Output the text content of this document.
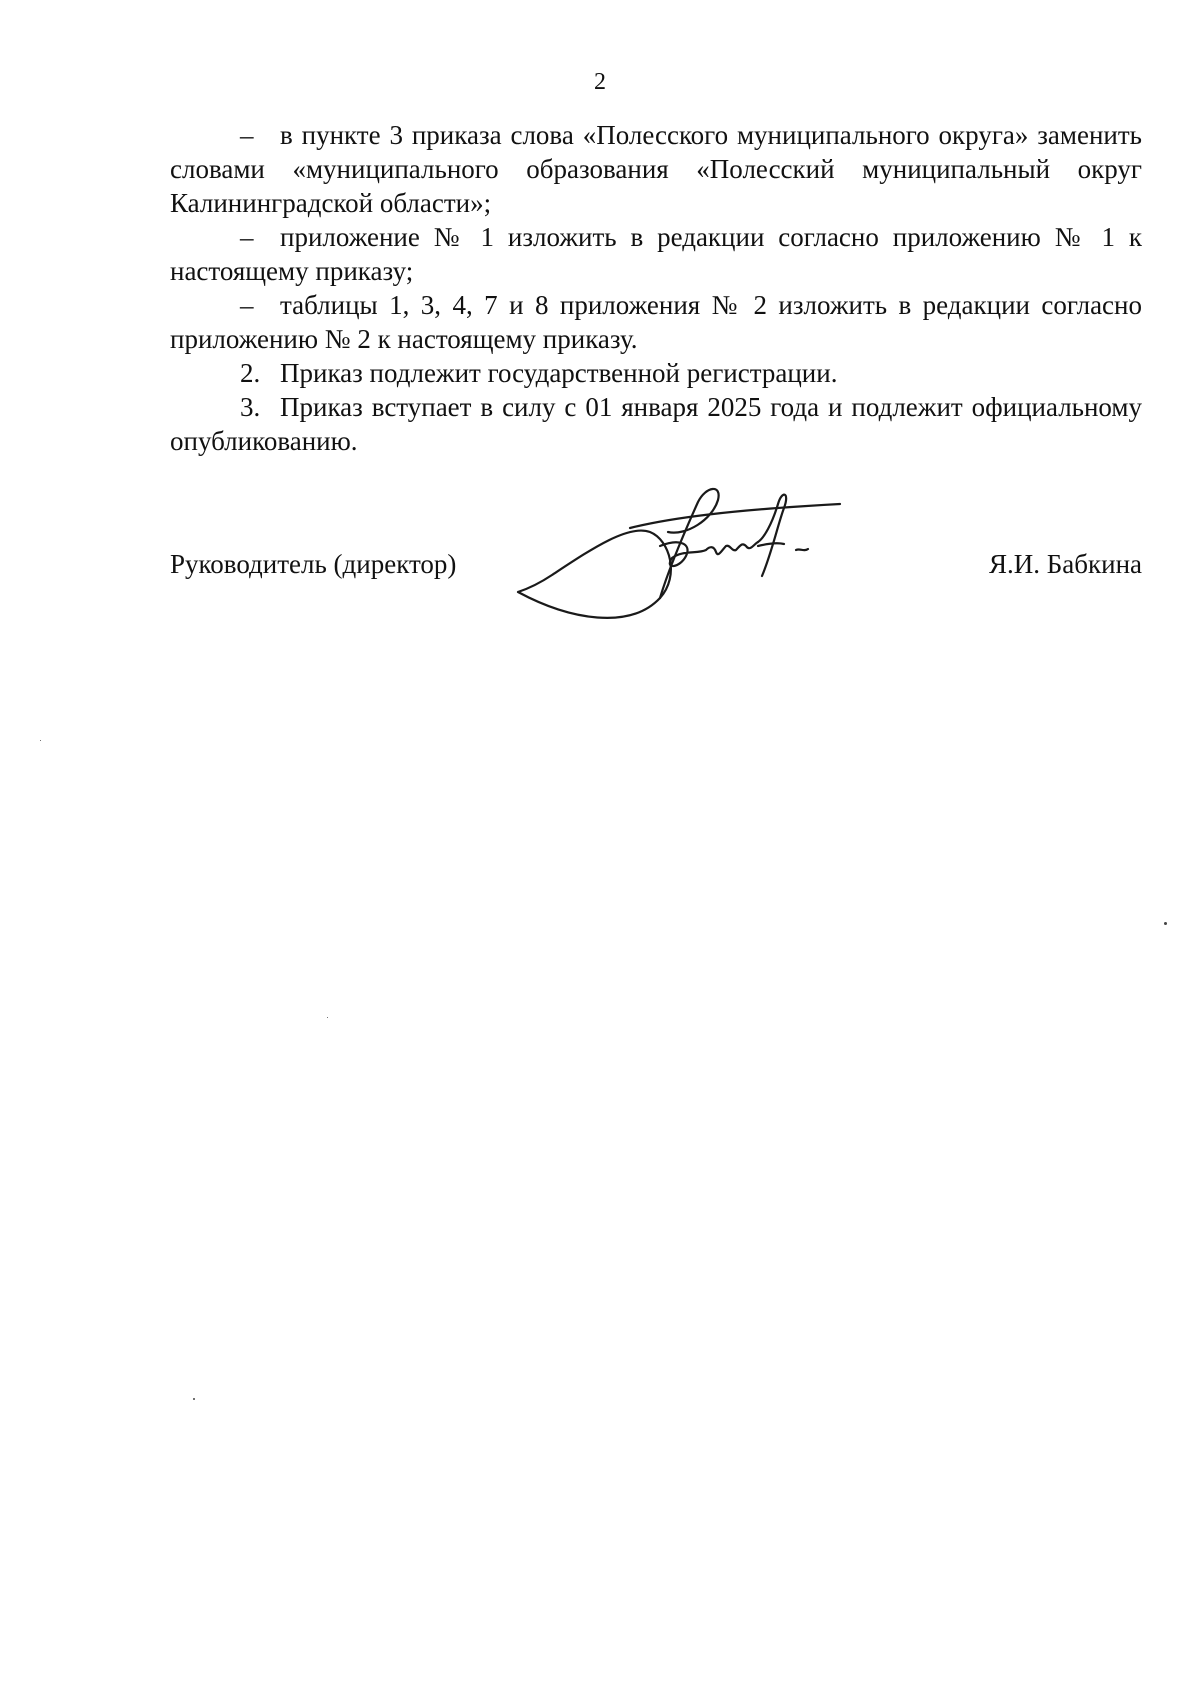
2

– в пункте 3 приказа слова «Полесского муниципального округа» заменить словами «муниципального образования «Полесский муниципальный округ Калининградской области»;

– приложение № 1 изложить в редакции согласно приложению № 1 к настоящему приказу;

– таблицы 1, 3, 4, 7 и 8 приложения № 2 изложить в редакции согласно приложению № 2 к настоящему приказу.

2. Приказ подлежит государственной регистрации.

3. Приказ вступает в силу с 01 января 2025 года и подлежит официальному опубликованию.

Руководитель (директор)	Я.И. Бабкина
